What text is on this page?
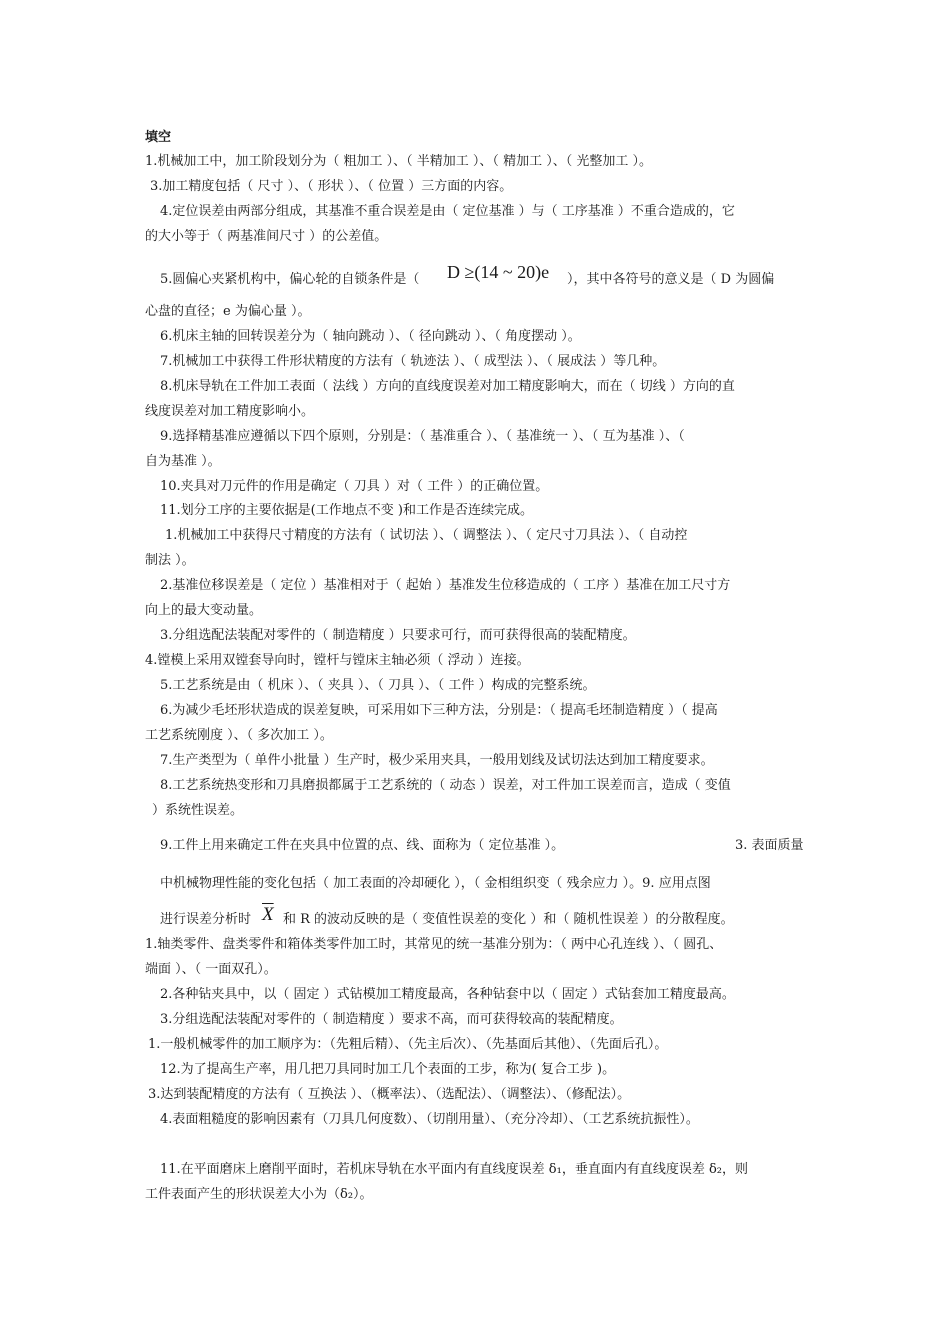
填空
1.机械加工中，加工阶段划分为（ 粗加工 ）、（ 半精加工 ）、（ 精加工 ）、（ 光整加工 ）。
3.加工精度包括（ 尺寸 ）、（ 形状 ）、（ 位置 ）三方面的内容。
4.定位误差由两部分组成，其基准不重合误差是由（ 定位基准 ）与（ 工序基准 ）不重合造成的，它
的大小等于（ 两基准间尺寸 ）的公差值。
5.圆偏心夹紧机构中，偏心轮的自锁条件是（ D ≥(14 ~ 20)e ），其中各符号的意义是（ D 为圆偏
心盘的直径；e 为偏心量 ）。
6.机床主轴的回转误差分为（ 轴向跳动 ）、（ 径向跳动 ）、（ 角度摆动 ）。
7.机械加工中获得工件形状精度的方法有（ 轨迹法 ）、（ 成型法 ）、（ 展成法 ）等几种。
8.机床导轨在工件加工表面（ 法线 ）方向的直线度误差对加工精度影响大，而在（ 切线 ）方向的直
线度误差对加工精度影响小。
9.选择精基准应遵循以下四个原则，分别是：（ 基准重合 ）、（ 基准统一 ）、（ 互为基准 ）、（
自为基准 ）。
10.夹具对刀元件的作用是确定（ 刀具 ）对（ 工件 ）的正确位置。
11.划分工序的主要依据是(工作地点不变 )和工作是否连续完成。
1.机械加工中获得尺寸精度的方法有（ 试切法 ）、（ 调整法 ）、（ 定尺寸刀具法 ）、（ 自动控
制法 ）。
2.基准位移误差是（ 定位 ）基准相对于（ 起始 ）基准发生位移造成的（ 工序 ）基准在加工尺寸方
向上的最大变动量。
3.分组选配法装配对零件的（ 制造精度 ）只要求可行，而可获得很高的装配精度。
4.镗模上采用双镗套导向时，镗杆与镗床主轴必须（ 浮动 ）连接。
5.工艺系统是由（ 机床 ）、（ 夹具 ）、（ 刀具 ）、（ 工件 ）构成的完整系统。
6.为减少毛坯形状造成的误差复映，可采用如下三种方法，分别是：（ 提高毛坯制造精度 ）（ 提高
工艺系统刚度 ）、（ 多次加工 ）。
7.生产类型为（ 单件小批量 ）生产时，极少采用夹具，一般用划线及试切法达到加工精度要求。
8.工艺系统热变形和刀具磨损都属于工艺系统的（ 动态 ）误差，对工件加工误差而言，造成（ 变值
）系统性误差。
9.工件上用来确定工件在夹具中位置的点、线、面称为（ 定位基准 ）。	3. 表面质量
中机械物理性能的变化包括（ 加工表面的冷却硬化 ），（ 金相组织变（ 残余应力 ）。9. 应用点图
进行误差分析时 $\overline{X}$ 和 R 的波动反映的是（ 变值性误差的变化 ）和（ 随机性误差 ）的分散程度。
1.轴类零件、盘类零件和箱体类零件加工时，其常见的统一基准分别为：（ 两中心孔连线 ）、（ 圆孔、
端面 ）、（ 一面双孔）。
2.各种钻夹具中，以（ 固定 ）式钻模加工精度最高，各种钻套中以（ 固定 ）式钻套加工精度最高。
3.分组选配法装配对零件的（ 制造精度 ）要求不高，而可获得较高的装配精度。
1.一般机械零件的加工顺序为：（先粗后精）、（先主后次）、（先基面后其他）、（先面后孔）。
12.为了提高生产率，用几把刀具同时加工几个表面的工步，称为( 复合工步 )。
3.达到装配精度的方法有（ 互换法 ）、（概率法）、（选配法）、（调整法）、（修配法）。
4.表面粗糙度的影响因素有（刀具几何度数）、（切削用量）、（充分冷却）、（工艺系统抗振性）。
11.在平面磨床上磨削平面时，若机床导轨在水平面内有直线度误差 δ₁，垂直面内有直线度误差 δ₂，则
工件表面产生的形状误差大小为（δ₂）。
